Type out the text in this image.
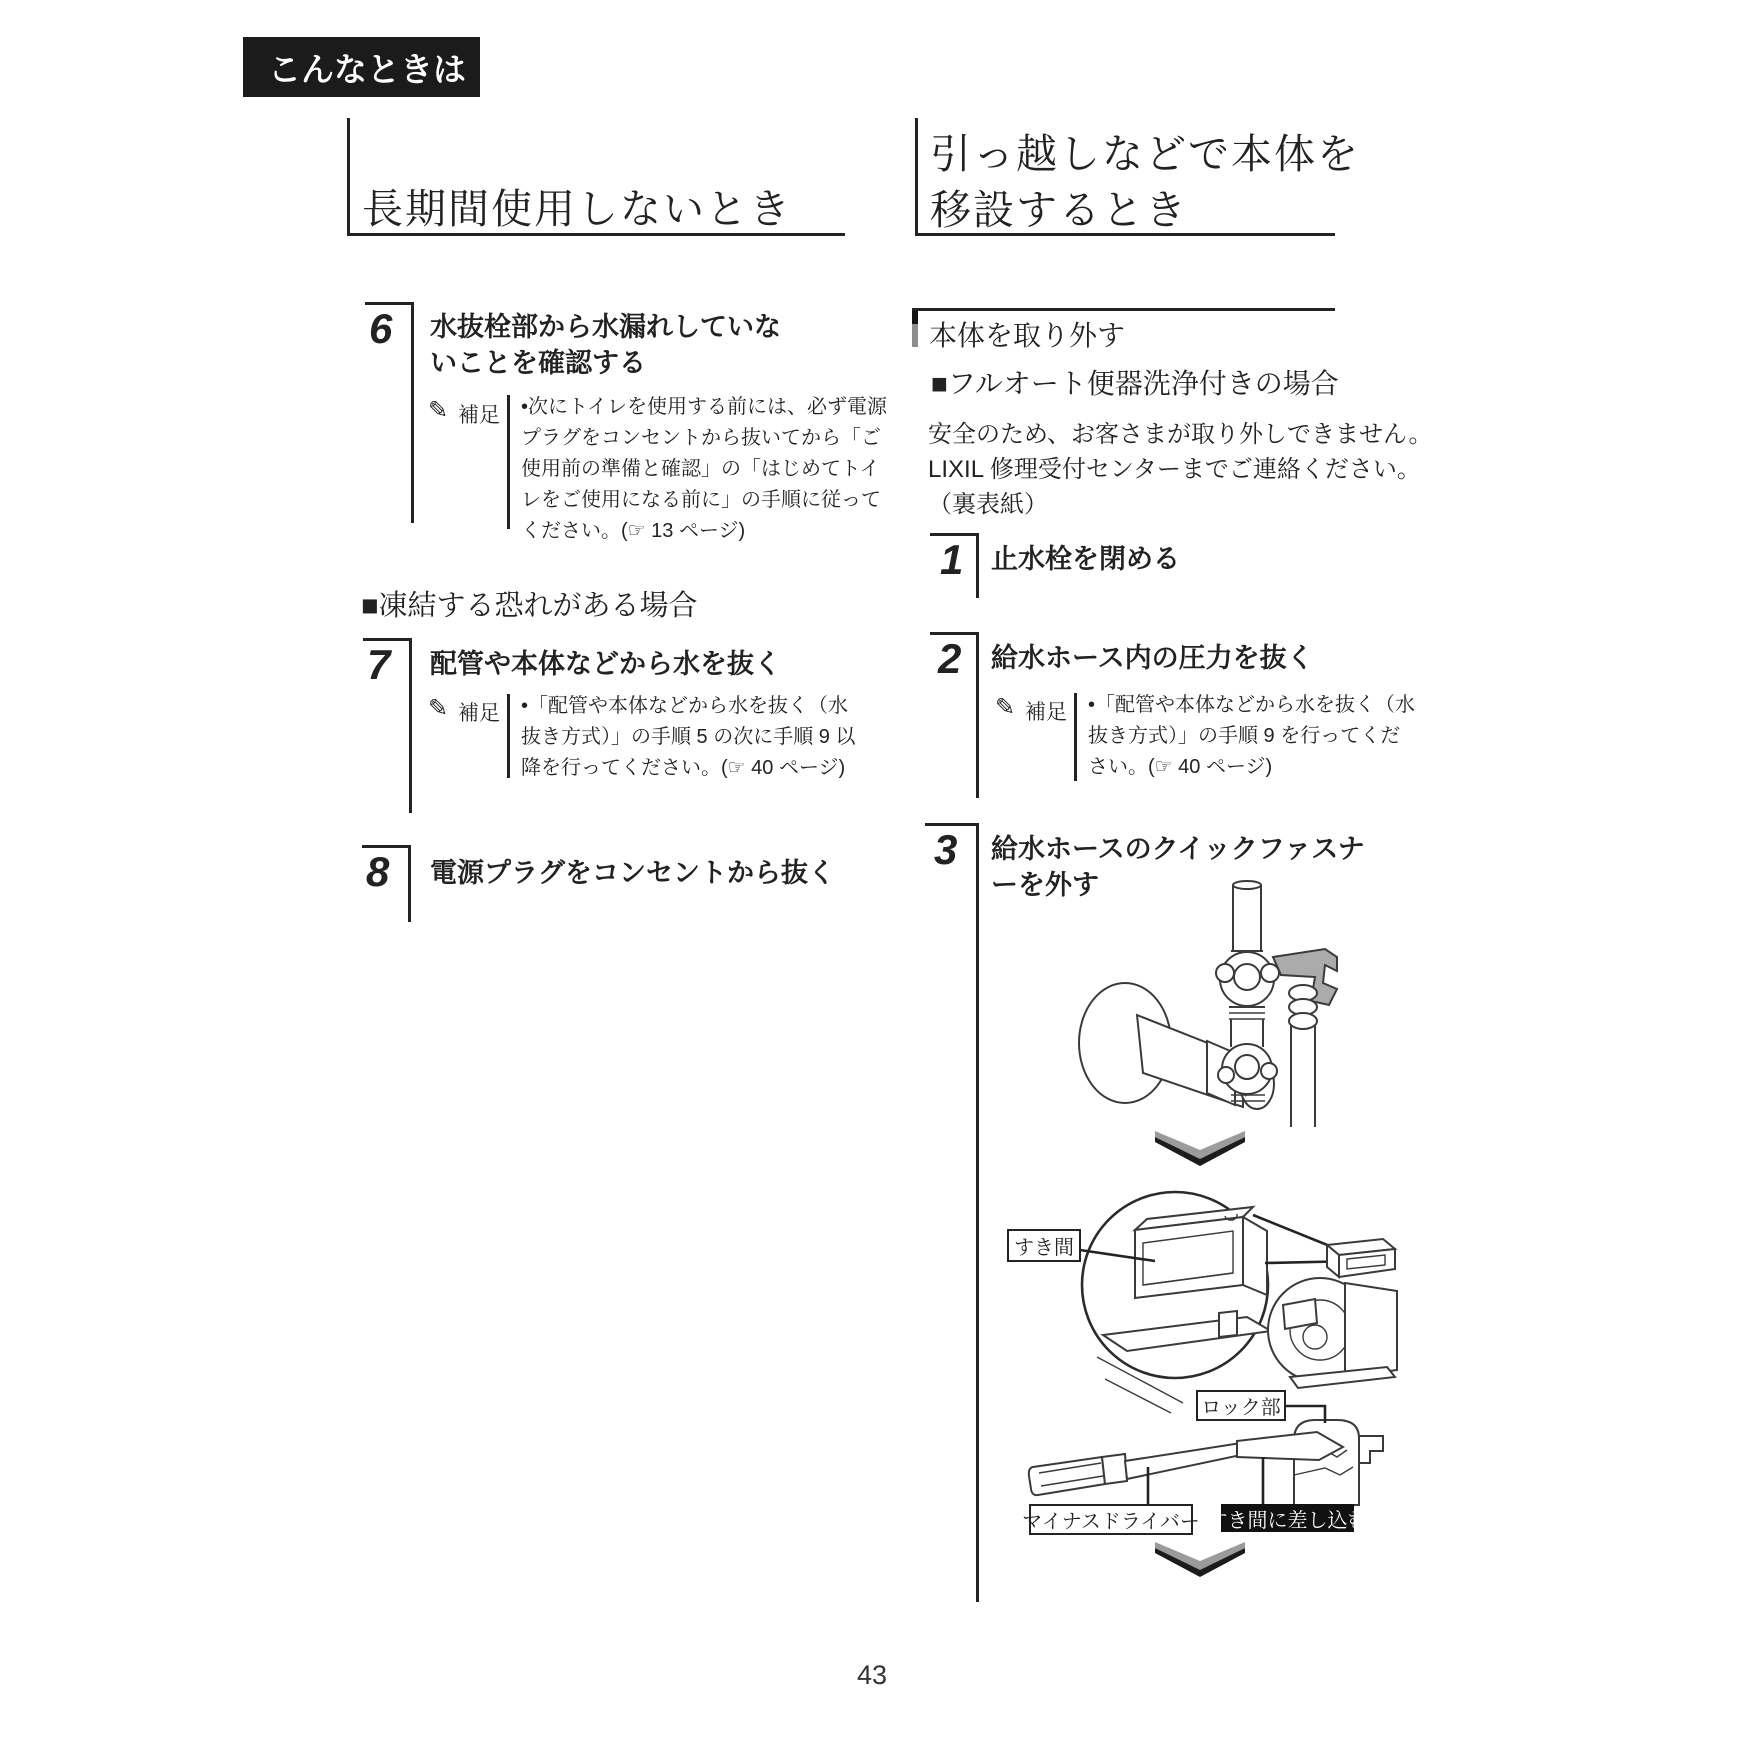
こんなときは
長期間使用しないとき
引っ越しなどで本体を
移設するとき
6 水抜栓部から水漏れしていないことを確認する
✎ 補足 •次にトイレを使用する前には、必ず電源プラグをコンセントから抜いてから「ご使用前の準備と確認」の「はじめてトイレをご使用になる前に」の手順に従ってください。(☞ 13 ページ)
■凍結する恐れがある場合
7 配管や本体などから水を抜く
✎ 補足 •「配管や本体などから水を抜く（水抜き方式）」の手順 5 の次に手順 9 以降を行ってください。(☞ 40 ページ)
8 電源プラグをコンセントから抜く
本体を取り外す
■フルオート便器洗浄付きの場合
安全のため、お客さまが取り外しできません。
LIXIL 修理受付センターまでご連絡ください。
（裏表紙）
1 止水栓を閉める
2 給水ホース内の圧力を抜く
✎ 補足 •「配管や本体などから水を抜く（水抜き方式）」の手順 9 を行ってください。(☞ 40 ページ)
3 給水ホースのクイックファスナーを外す
すき間
ロック部
マイナスドライバー すき間に差し込む
43
